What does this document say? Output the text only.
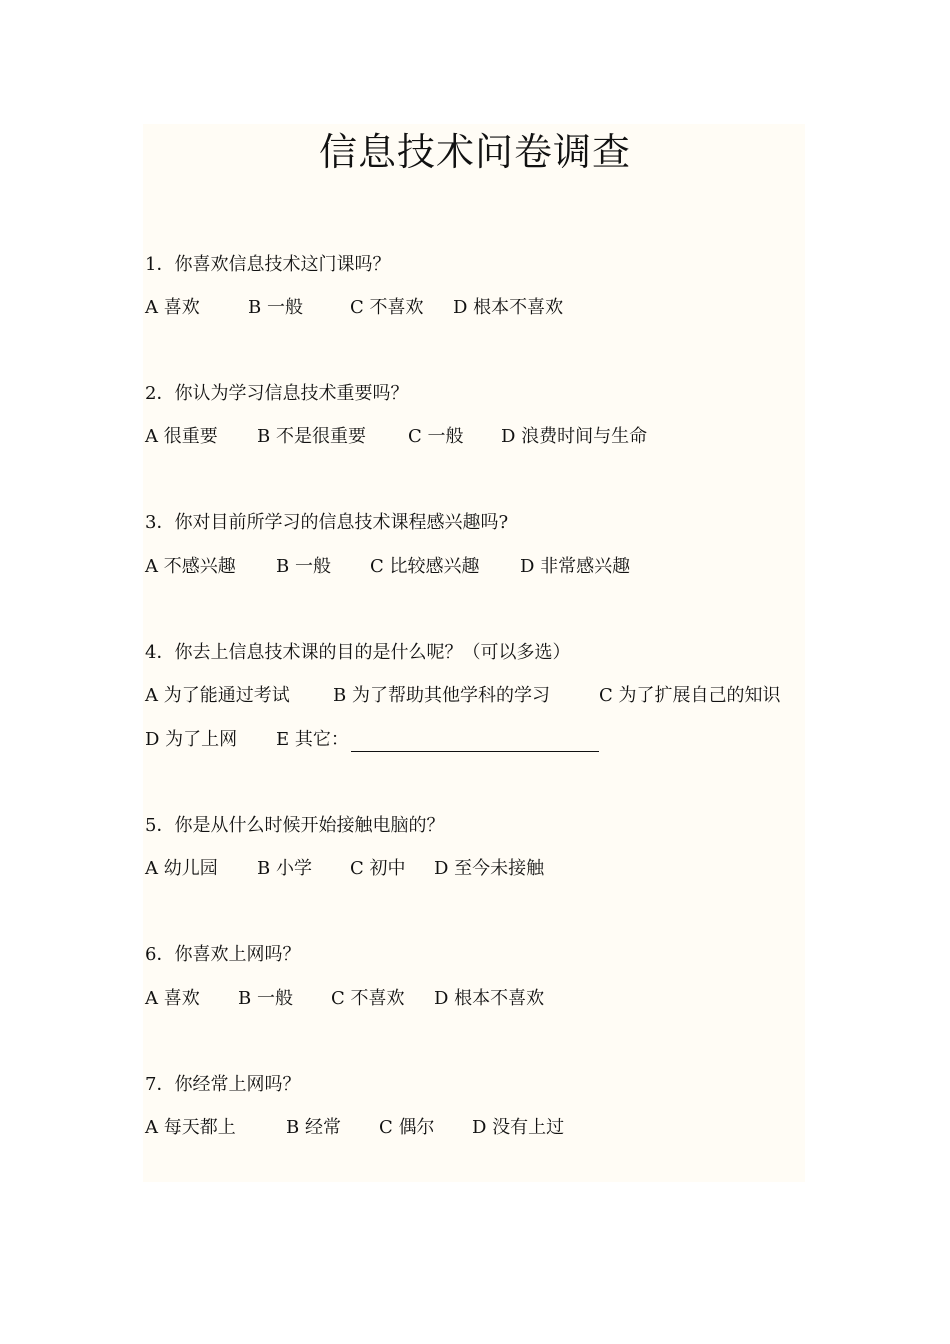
信息技术问卷调查
1．你喜欢信息技术这门课吗？
A 喜欢	B 一般	C 不喜欢 D 根本不喜欢
2．你认为学习信息技术重要吗？
A 很重要 B 不是很重要 C 一般 D 浪费时间与生命
3．你对目前所学习的信息技术课程感兴趣吗?
A 不感兴趣 B 一般 C 比较感兴趣 D 非常感兴趣
4．你去上信息技术课的目的是什么呢？（可以多选）
A 为了能通过考试 B 为了帮助其他学科的学习	C 为了扩展自己的知识
D 为了上网 E 其它：
5．你是从什么时候开始接触电脑的？
A 幼儿园 B 小学 C 初中 D 至今未接触
6．你喜欢上网吗？
A 喜欢 B 一般 C 不喜欢 D 根本不喜欢
7．你经常上网吗？
A 每天都上	B 经常 C 偶尔 D 没有上过
